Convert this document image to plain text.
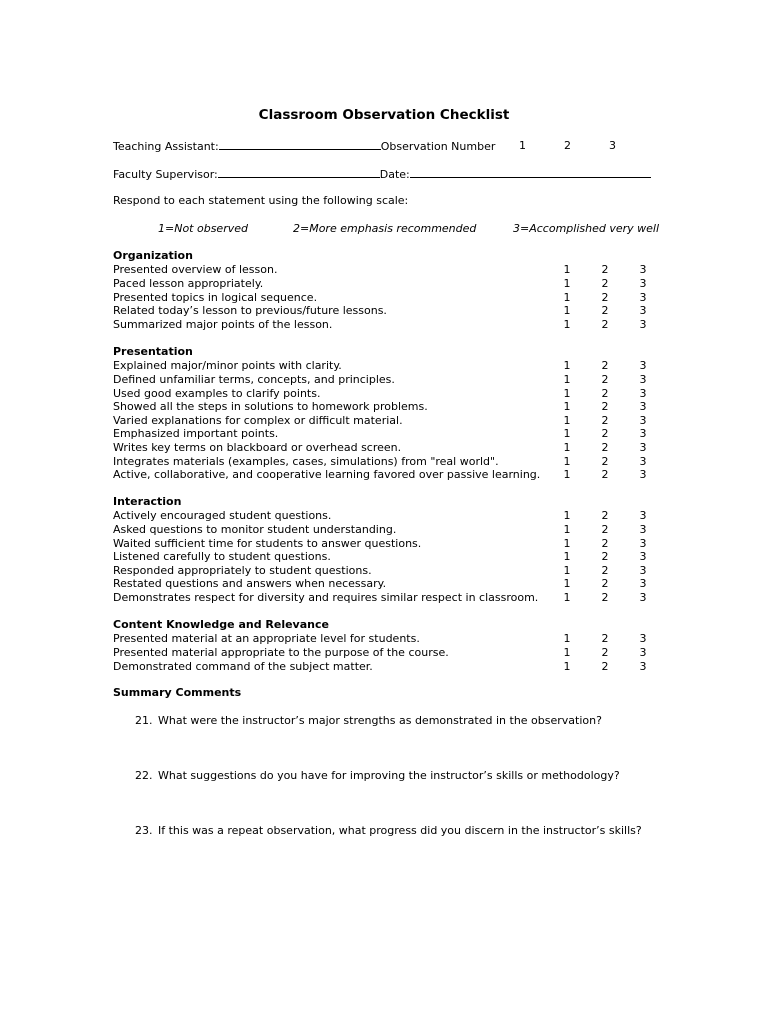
Classroom Observation Checklist
Teaching Assistant:	Observation Number 1	2	3
Faculty Supervisor:	Date:
Respond to each statement using the following scale:
1=Not observed	2=More emphasis recommended	3=Accomplished very well
Organization
Presented overview of lesson.	1	2	3
Paced lesson appropriately.	1	2	3
Presented topics in logical sequence.	1	2	3
Related today’s lesson to previous/future lessons.	1	2	3
Summarized major points of the lesson.	1	2	3
Presentation
Explained major/minor points with clarity.	1	2	3
Defined unfamiliar terms, concepts, and principles.	1	2	3
Used good examples to clarify points.	1	2	3
Showed all the steps in solutions to homework problems.	1	2	3
Varied explanations for complex or difficult material.	1	2	3
Emphasized important points.	1	2	3
Writes key terms on blackboard or overhead screen.	1	2	3
Integrates materials (examples, cases, simulations) from "real world".	1	2	3
Active, collaborative, and cooperative learning favored over passive learning. 1	2	3
Interaction
Actively encouraged student questions.	1	2	3
Asked questions to monitor student understanding.	1	2	3
Waited sufficient time for students to answer questions.	1	2	3
Listened carefully to student questions.	1	2	3
Responded appropriately to student questions.	1	2	3
Restated questions and answers when necessary.	1	2	3
Demonstrates respect for diversity and requires similar respect in classroom. 1	2	3
Content Knowledge and Relevance
Presented material at an appropriate level for students.	1	2	3
Presented material appropriate to the purpose of the course.	1	2	3
Demonstrated command of the subject matter.	1	2	3
Summary Comments
21. What were the instructor’s major strengths as demonstrated in the observation?
22. What suggestions do you have for improving the instructor’s skills or methodology?
23. If this was a repeat observation, what progress did you discern in the instructor’s skills?
